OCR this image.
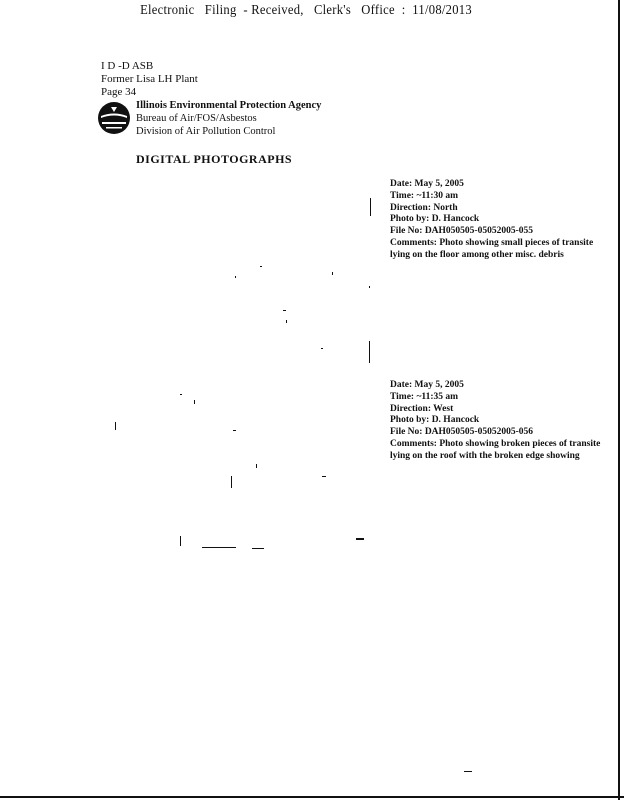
Electronic   Filing  - Received,   Clerk's   Office  :  11/08/2013
I D -D ASB
Former Lisa LH Plant
Page 34
Illinois Environmental Protection Agency
Bureau of Air/FOS/Asbestos
Division of Air Pollution Control
DIGITAL PHOTOGRAPHS
Date: May 5, 2005
Time: ~11:30 am
Direction: North
Photo by: D. Hancock
File No: DAH050505-05052005-055
Comments: Photo showing small pieces of transite lying on the floor among other misc. debris
Date: May 5, 2005
Time: ~11:35 am
Direction: West
Photo by: D. Hancock
File No: DAH050505-05052005-056
Comments: Photo showing broken pieces of transite lying on the roof with the broken edge showing
